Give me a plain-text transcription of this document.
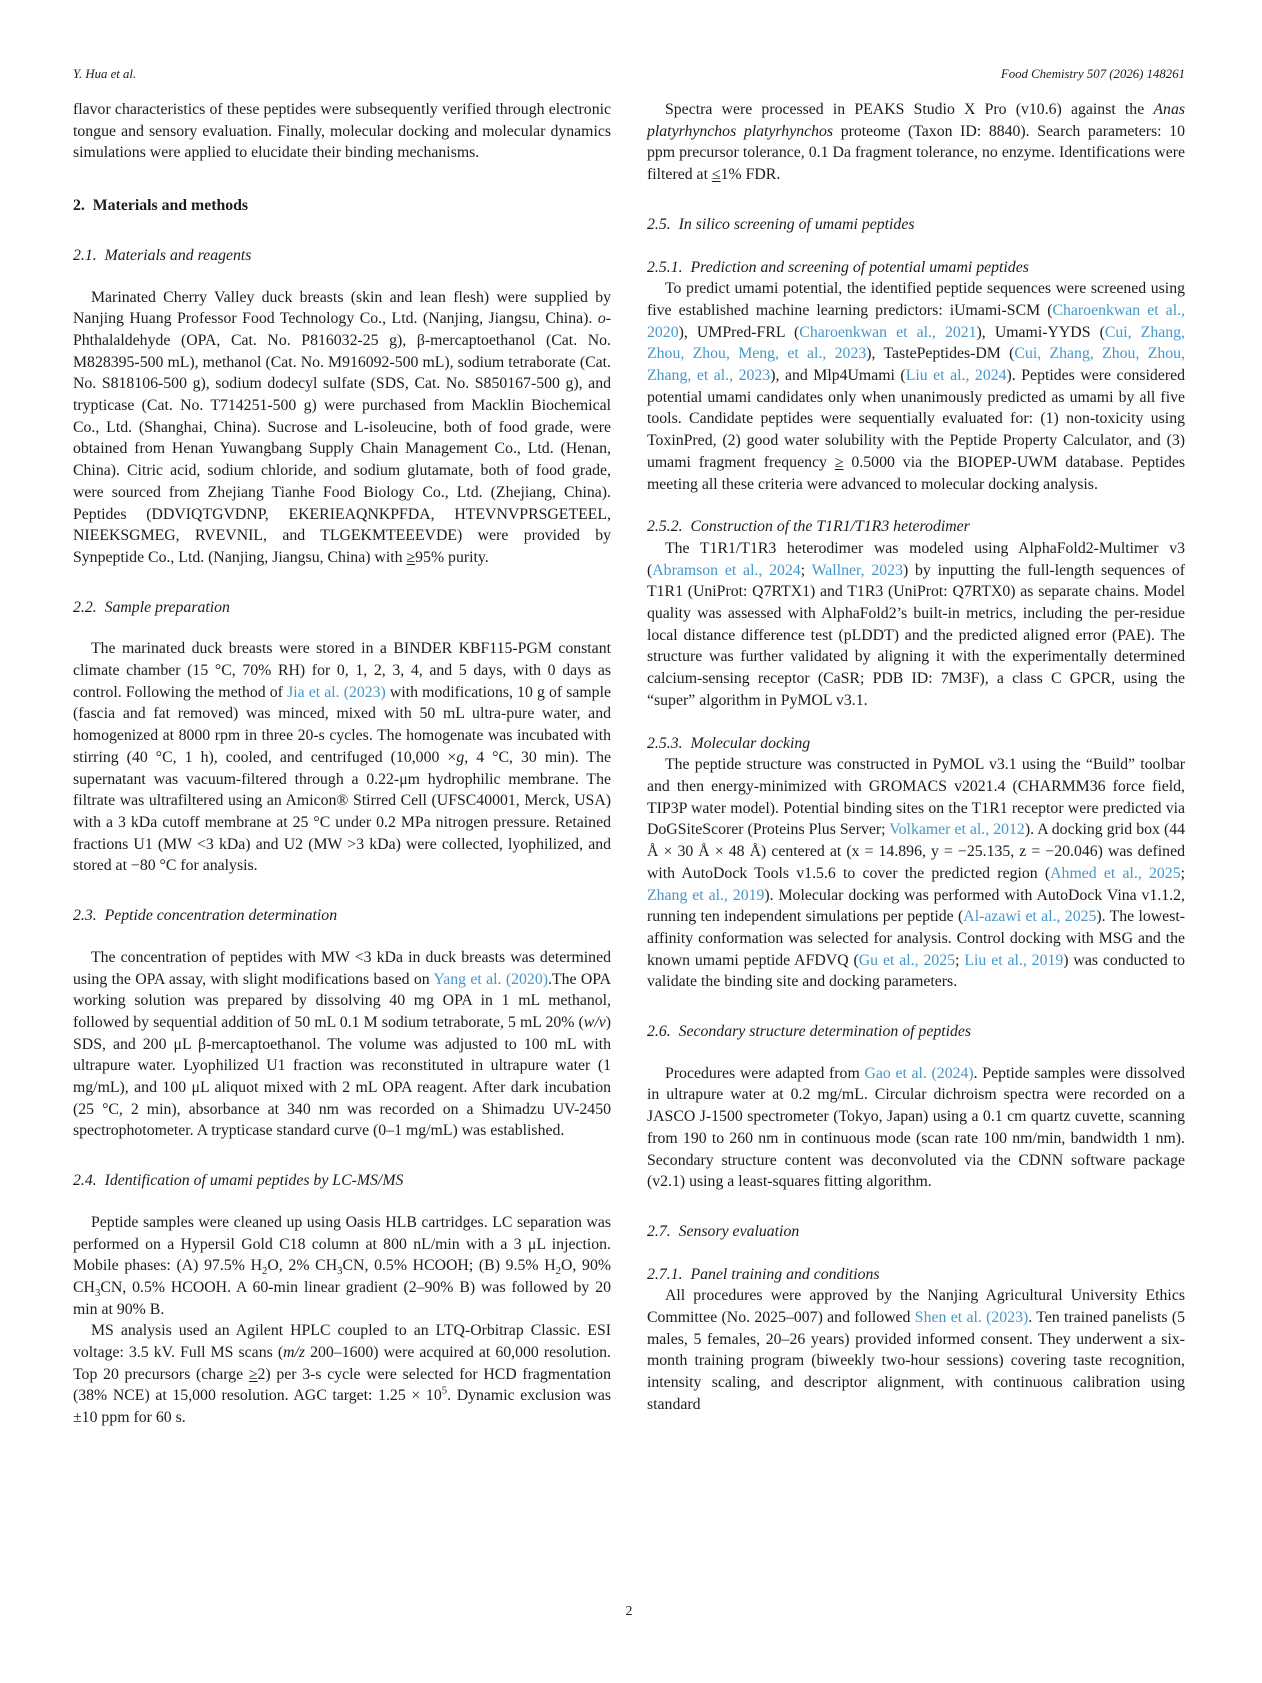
Y. Hua et al.	Food Chemistry 507 (2026) 148261
flavor characteristics of these peptides were subsequently verified through electronic tongue and sensory evaluation. Finally, molecular docking and molecular dynamics simulations were applied to elucidate their binding mechanisms.
2. Materials and methods
2.1. Materials and reagents
Marinated Cherry Valley duck breasts (skin and lean flesh) were supplied by Nanjing Huang Professor Food Technology Co., Ltd. (Nanjing, Jiangsu, China). o-Phthalaldehyde (OPA, Cat. No. P816032-25 g), β-mercaptoethanol (Cat. No. M828395-500 mL), methanol (Cat. No. M916092-500 mL), sodium tetraborate (Cat. No. S818106-500 g), sodium dodecyl sulfate (SDS, Cat. No. S850167-500 g), and trypticase (Cat. No. T714251-500 g) were purchased from Macklin Biochemical Co., Ltd. (Shanghai, China). Sucrose and L-isoleucine, both of food grade, were obtained from Henan Yuwangbang Supply Chain Management Co., Ltd. (Henan, China). Citric acid, sodium chloride, and sodium glutamate, both of food grade, were sourced from Zhejiang Tianhe Food Biology Co., Ltd. (Zhejiang, China). Peptides (DDVIQTGVDNP, EKERIEAQNKPFDA, HTEVNVPRSGETEEL, NIEEKSGMEG, RVEVNIL, and TLGEKMTEEEVDE) were provided by Synpeptide Co., Ltd. (Nanjing, Jiangsu, China) with ≥95% purity.
2.2. Sample preparation
The marinated duck breasts were stored in a BINDER KBF115-PGM constant climate chamber (15 °C, 70% RH) for 0, 1, 2, 3, 4, and 5 days, with 0 days as control. Following the method of Jia et al. (2023) with modifications, 10 g of sample (fascia and fat removed) was minced, mixed with 50 mL ultra-pure water, and homogenized at 8000 rpm in three 20-s cycles. The homogenate was incubated with stirring (40 °C, 1 h), cooled, and centrifuged (10,000 ×g, 4 °C, 30 min). The supernatant was vacuum-filtered through a 0.22-μm hydrophilic membrane. The filtrate was ultrafiltered using an Amicon® Stirred Cell (UFSC40001, Merck, USA) with a 3 kDa cutoff membrane at 25 °C under 0.2 MPa nitrogen pressure. Retained fractions U1 (MW <3 kDa) and U2 (MW >3 kDa) were collected, lyophilized, and stored at −80 °C for analysis.
2.3. Peptide concentration determination
The concentration of peptides with MW <3 kDa in duck breasts was determined using the OPA assay, with slight modifications based on Yang et al. (2020).The OPA working solution was prepared by dissolving 40 mg OPA in 1 mL methanol, followed by sequential addition of 50 mL 0.1 M sodium tetraborate, 5 mL 20% (w/v) SDS, and 200 μL β-mercaptoethanol. The volume was adjusted to 100 mL with ultrapure water. Lyophilized U1 fraction was reconstituted in ultrapure water (1 mg/mL), and 100 μL aliquot mixed with 2 mL OPA reagent. After dark incubation (25 °C, 2 min), absorbance at 340 nm was recorded on a Shimadzu UV-2450 spectrophotometer. A trypticase standard curve (0–1 mg/mL) was established.
2.4. Identification of umami peptides by LC-MS/MS
Peptide samples were cleaned up using Oasis HLB cartridges. LC separation was performed on a Hypersil Gold C18 column at 800 nL/min with a 3 μL injection. Mobile phases: (A) 97.5% $H_2O$, 2% $CH_3CN$, 0.5% HCOOH; (B) 9.5% $H_2O$, 90% $CH_3CN$, 0.5% HCOOH. A 60-min linear gradient (2–90% B) was followed by 20 min at 90% B.
MS analysis used an Agilent HPLC coupled to an LTQ-Orbitrap Classic. ESI voltage: 3.5 kV. Full MS scans (m/z 200–1600) were acquired at 60,000 resolution. Top 20 precursors (charge ≥2) per 3-s cycle were selected for HCD fragmentation (38% NCE) at 15,000 resolution. AGC target: $1.25 \times 10^5$. Dynamic exclusion was ±10 ppm for 60 s.
Spectra were processed in PEAKS Studio X Pro (v10.6) against the Anas platyrhynchos platyrhynchos proteome (Taxon ID: 8840). Search parameters: 10 ppm precursor tolerance, 0.1 Da fragment tolerance, no enzyme. Identifications were filtered at ≤1% FDR.
2.5. In silico screening of umami peptides
2.5.1. Prediction and screening of potential umami peptides
To predict umami potential, the identified peptide sequences were screened using five established machine learning predictors: iUmami-SCM (Charoenkwan et al., 2020), UMPred-FRL (Charoenkwan et al., 2021), Umami-YYDS (Cui, Zhang, Zhou, Zhou, Meng, et al., 2023), TastePeptides-DM (Cui, Zhang, Zhou, Zhou, Zhang, et al., 2023), and Mlp4Umami (Liu et al., 2024). Peptides were considered potential umami candidates only when unanimously predicted as umami by all five tools. Candidate peptides were sequentially evaluated for: (1) non-toxicity using ToxinPred, (2) good water solubility with the Peptide Property Calculator, and (3) umami fragment frequency ≥ 0.5000 via the BIOPEP-UWM database. Peptides meeting all these criteria were advanced to molecular docking analysis.
2.5.2. Construction of the T1R1/T1R3 heterodimer
The T1R1/T1R3 heterodimer was modeled using AlphaFold2-Multimer v3 (Abramson et al., 2024; Wallner, 2023) by inputting the full-length sequences of T1R1 (UniProt: Q7RTX1) and T1R3 (UniProt: Q7RTX0) as separate chains. Model quality was assessed with AlphaFold2’s built-in metrics, including the per-residue local distance difference test (pLDDT) and the predicted aligned error (PAE). The structure was further validated by aligning it with the experimentally determined calcium-sensing receptor (CaSR; PDB ID: 7M3F), a class C GPCR, using the “super” algorithm in PyMOL v3.1.
2.5.3. Molecular docking
The peptide structure was constructed in PyMOL v3.1 using the “Build” toolbar and then energy-minimized with GROMACS v2021.4 (CHARMM36 force field, TIP3P water model). Potential binding sites on the T1R1 receptor were predicted via DoGSiteScorer (Proteins Plus Server; Volkamer et al., 2012). A docking grid box (44 Å × 30 Å × 48 Å) centered at (x = 14.896, y = −25.135, z = −20.046) was defined with AutoDock Tools v1.5.6 to cover the predicted region (Ahmed et al., 2025; Zhang et al., 2019). Molecular docking was performed with AutoDock Vina v1.1.2, running ten independent simulations per peptide (Al-azawi et al., 2025). The lowest-affinity conformation was selected for analysis. Control docking with MSG and the known umami peptide AFDVQ (Gu et al., 2025; Liu et al., 2019) was conducted to validate the binding site and docking parameters.
2.6. Secondary structure determination of peptides
Procedures were adapted from Gao et al. (2024). Peptide samples were dissolved in ultrapure water at 0.2 mg/mL. Circular dichroism spectra were recorded on a JASCO J-1500 spectrometer (Tokyo, Japan) using a 0.1 cm quartz cuvette, scanning from 190 to 260 nm in continuous mode (scan rate 100 nm/min, bandwidth 1 nm). Secondary structure content was deconvoluted via the CDNN software package (v2.1) using a least-squares fitting algorithm.
2.7. Sensory evaluation
2.7.1. Panel training and conditions
All procedures were approved by the Nanjing Agricultural University Ethics Committee (No. 2025–007) and followed Shen et al. (2023). Ten trained panelists (5 males, 5 females, 20–26 years) provided informed consent. They underwent a six-month training program (biweekly two-hour sessions) covering taste recognition, intensity scaling, and descriptor alignment, with continuous calibration using standard
2
